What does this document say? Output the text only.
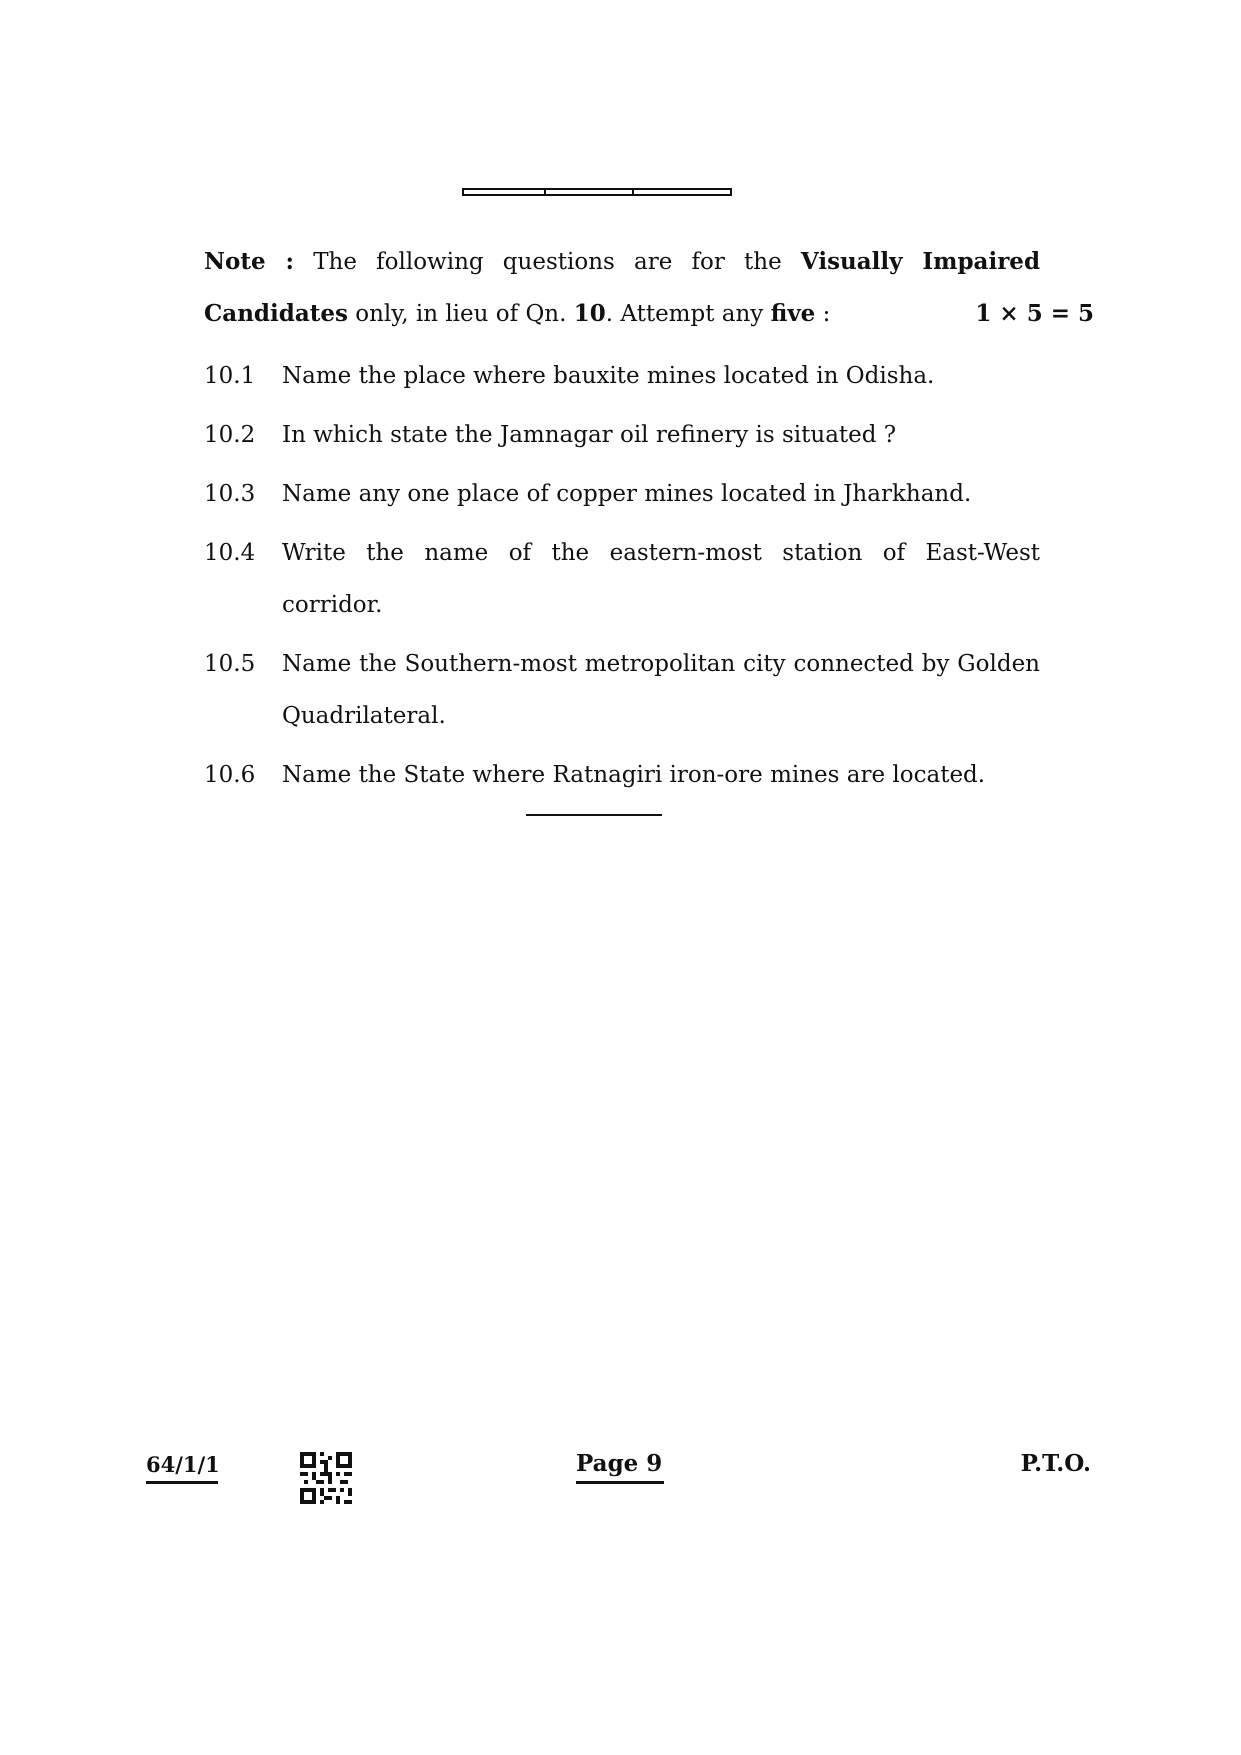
Note : The following questions are for the Visually Impaired
Candidates only, in lieu of Qn. 10. Attempt any five :	1 × 5 = 5
10.1	Name the place where bauxite mines located in Odisha.
10.2	In which state the Jamnagar oil refinery is situated ?
10.3	Name any one place of copper mines located in Jharkhand.
10.4	Write the name of the eastern-most station of East-West corridor.
10.5	Name the Southern-most metropolitan city connected by Golden Quadrilateral.
10.6	Name the State where Ratnagiri iron-ore mines are located.
64/1/1	Page 9	P.T.O.
